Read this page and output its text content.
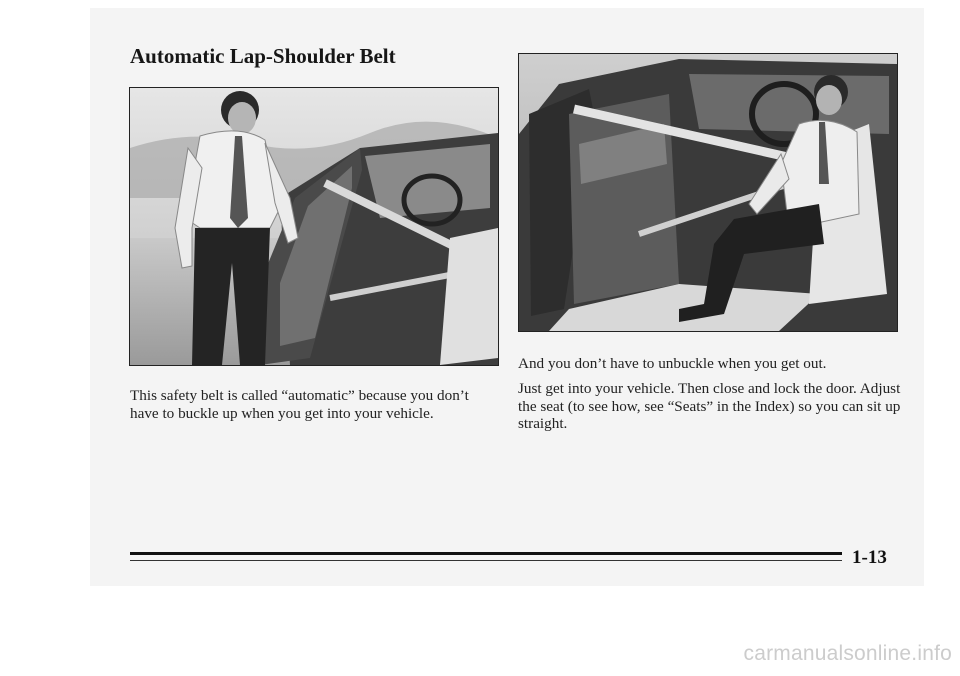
Automatic Lap-Shoulder Belt

This safety belt is called “automatic” because you don’t have to buckle up when you get into your vehicle.

And you don’t have to unbuckle when you get out.

Just get into your vehicle. Then close and lock the door. Adjust the seat (to see how, see “Seats” in the Index) so you can sit up straight.

1-13

carmanualsonline.info
